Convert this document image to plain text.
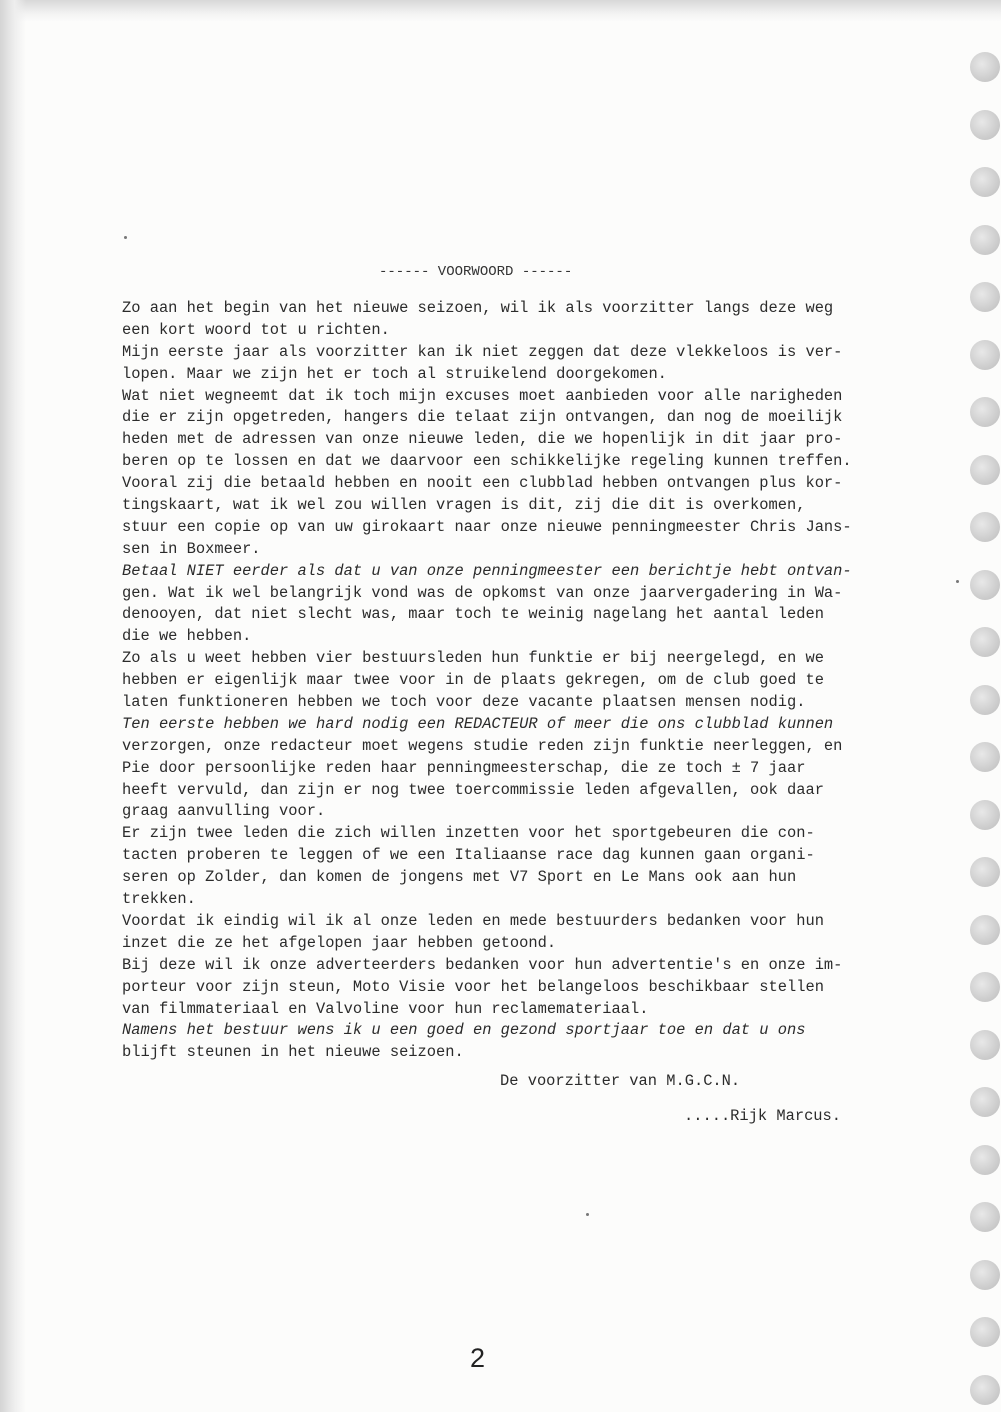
------ VOORWOORD ------
Zo aan het begin van het nieuwe seizoen, wil ik als voorzitter langs deze weg
een kort woord tot u richten.
Mijn eerste jaar als voorzitter kan ik niet zeggen dat deze vlekkeloos is ver-
lopen. Maar we zijn het er toch al struikelend doorgekomen.
Wat niet wegneemt dat ik toch mijn excuses moet aanbieden voor alle narigheden
die er zijn opgetreden, hangers die telaat zijn ontvangen, dan nog de moeilijk
heden met de adressen van onze nieuwe leden, die we hopenlijk in dit jaar pro-
beren op te lossen en dat we daarvoor een schikkelijke regeling kunnen treffen.
Vooral zij die betaald hebben en nooit een clubblad hebben ontvangen plus kor-
tingskaart, wat ik wel zou willen vragen is dit, zij die dit is overkomen,
stuur een copie op van uw girokaart naar onze nieuwe penningmeester Chris Jans-
sen in Boxmeer.
Betaal NIET eerder als dat u van onze penningmeester een berichtje hebt ontvan-
gen. Wat ik wel belangrijk vond was de opkomst van onze jaarvergadering in Wa-
denooyen, dat niet slecht was, maar toch te weinig nagelang het aantal leden
die we hebben.
Zo als u weet hebben vier bestuursleden hun funktie er bij neergelegd, en we
hebben er eigenlijk maar twee voor in de plaats gekregen, om de club goed te
laten funktioneren hebben we toch voor deze vacante plaatsen mensen nodig.
Ten eerste hebben we hard nodig een REDACTEUR of meer die ons clubblad kunnen
verzorgen, onze redacteur moet wegens studie reden zijn funktie neerleggen, en
Pie door persoonlijke reden haar penningmeesterschap, die ze toch ± 7 jaar
heeft vervuld, dan zijn er nog twee toercommissie leden afgevallen, ook daar
graag aanvulling voor.
Er zijn twee leden die zich willen inzetten voor het sportgebeuren die con-
tacten proberen te leggen of we een Italiaanse race dag kunnen gaan organi-
seren op Zolder, dan komen de jongens met V7 Sport en Le Mans ook aan hun
trekken.
Voordat ik eindig wil ik al onze leden en mede bestuurders bedanken voor hun
inzet die ze het afgelopen jaar hebben getoond.
Bij deze wil ik onze adverteerders bedanken voor hun advertentie's en onze im-
porteur voor zijn steun, Moto Visie voor het belangeloos beschikbaar stellen
van filmmateriaal en Valvoline voor hun reclamemateriaal.
Namens het bestuur wens ik u een goed en gezond sportjaar toe en dat u ons
blijft steunen in het nieuwe seizoen.
De voorzitter van M.G.C.N.
.....Rijk Marcus.
2
